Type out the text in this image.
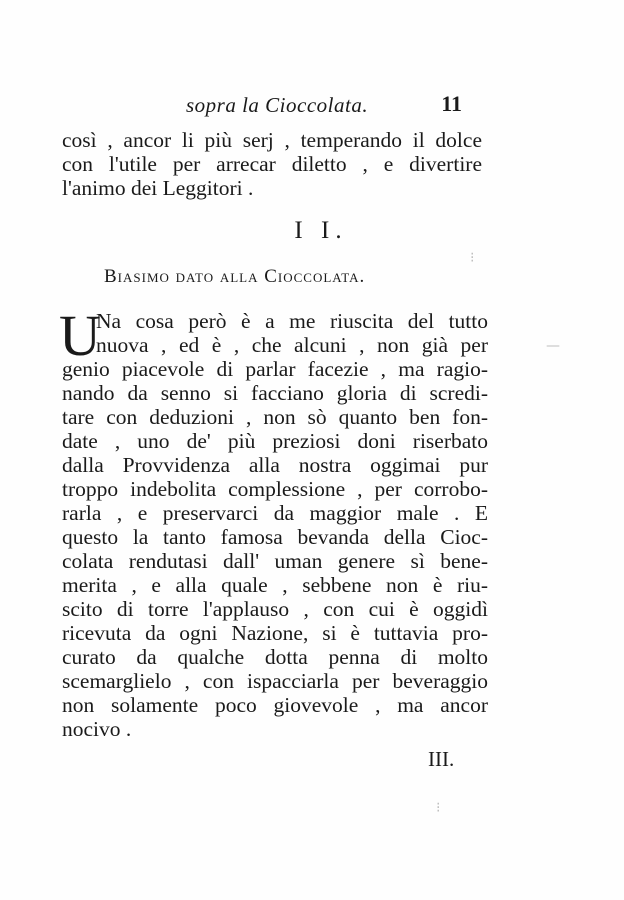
sopra la Cioccolata.	11
così , ancor li più serj , temperando il dolce
con l'utile per arrecar diletto , e divertire
l'animo dei Leggitori .
I I.
Biasimo dato alla Cioccolata.
U
Na cosa però è a me riuscita del tutto
nuova , ed è , che alcuni , non già per
genio piacevole di parlar facezie , ma ragio-
nando da senno si facciano gloria di scredi-
tare con deduzioni , non sò quanto ben fon-
date , uno de' più preziosi doni riserbato
dalla Provvidenza alla nostra oggimai pur
troppo indebolita complessione , per corrobo-
rarla , e preservarci da maggior male . E
questo la tanto famosa bevanda della Cioc-
colata rendutasi dall' uman genere sì bene-
merita , e alla quale , sebbene non è riu-
scito di torre l'applauso , con cui è oggidì
ricevuta da ogni Nazione, si è tuttavia pro-
curato da qualche dotta penna di molto
scemarglielo , con ispacciarla per beveraggio
non solamente poco giovevole , ma ancor
nocivo .
III.
—
⁝
⁝
